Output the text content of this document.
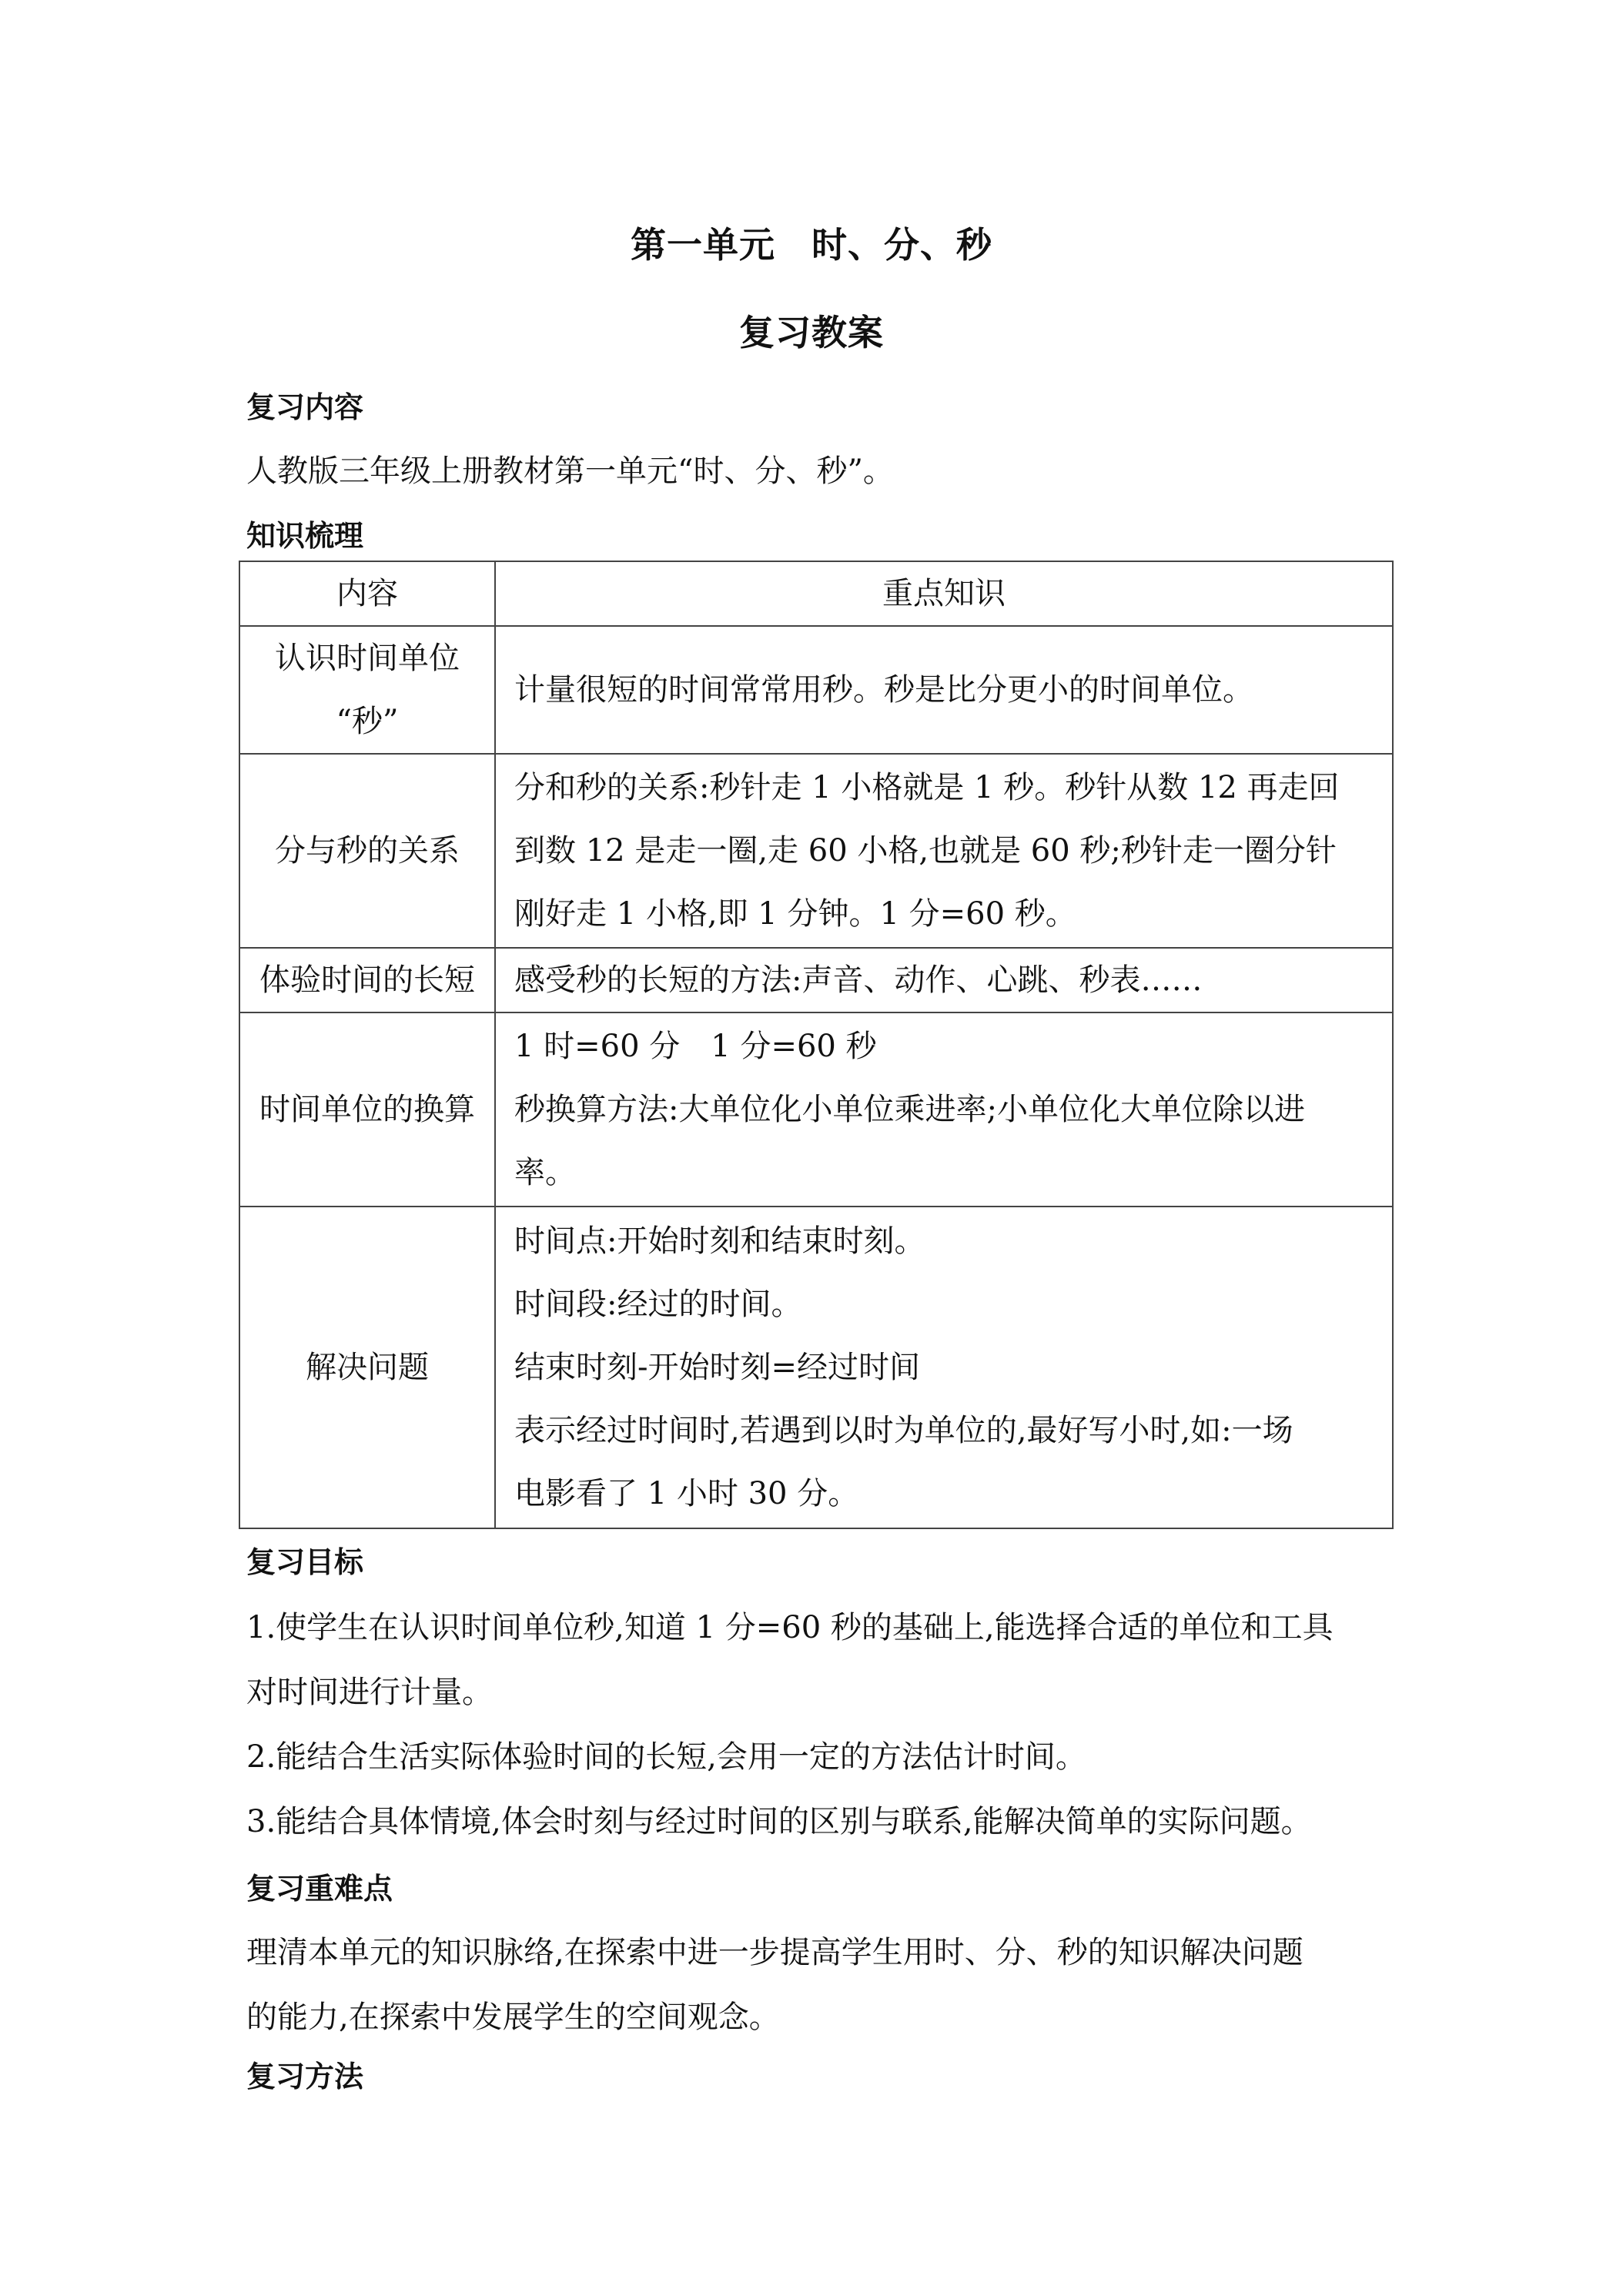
第一单元　时、分、秒
复习教案
复习内容
人教版三年级上册教材第一单元“时、分、秒”。
知识梳理
内容	重点知识

认识时间单位
“秒”	计量很短的时间常常用秒。秒是比分更小的时间单位。

分与秒的关系	分和秒的关系:秒针走 1 小格就是 1 秒。秒针从数 12 再走回
到数 12 是走一圈,走 60 小格,也就是 60 秒;秒针走一圈分针
刚好走 1 小格,即 1 分钟。1 分=60 秒。

体验时间的长短	感受秒的长短的方法:声音、动作、心跳、秒表……

时间单位的换算	1 时=60 分　1 分=60 秒
秒换算方法:大单位化小单位乘进率;小单位化大单位除以进
率。

解决问题	时间点:开始时刻和结束时刻。
时间段:经过的时间。
结束时刻-开始时刻=经过时间
表示经过时间时,若遇到以时为单位的,最好写小时,如:一场
电影看了 1 小时 30 分。
复习目标
1.使学生在认识时间单位秒,知道 1 分=60 秒的基础上,能选择合适的单位和工具
对时间进行计量。
2.能结合生活实际体验时间的长短,会用一定的方法估计时间。
3.能结合具体情境,体会时刻与经过时间的区别与联系,能解决简单的实际问题。
复习重难点
理清本单元的知识脉络,在探索中进一步提高学生用时、分、秒的知识解决问题
的能力,在探索中发展学生的空间观念。
复习方法
